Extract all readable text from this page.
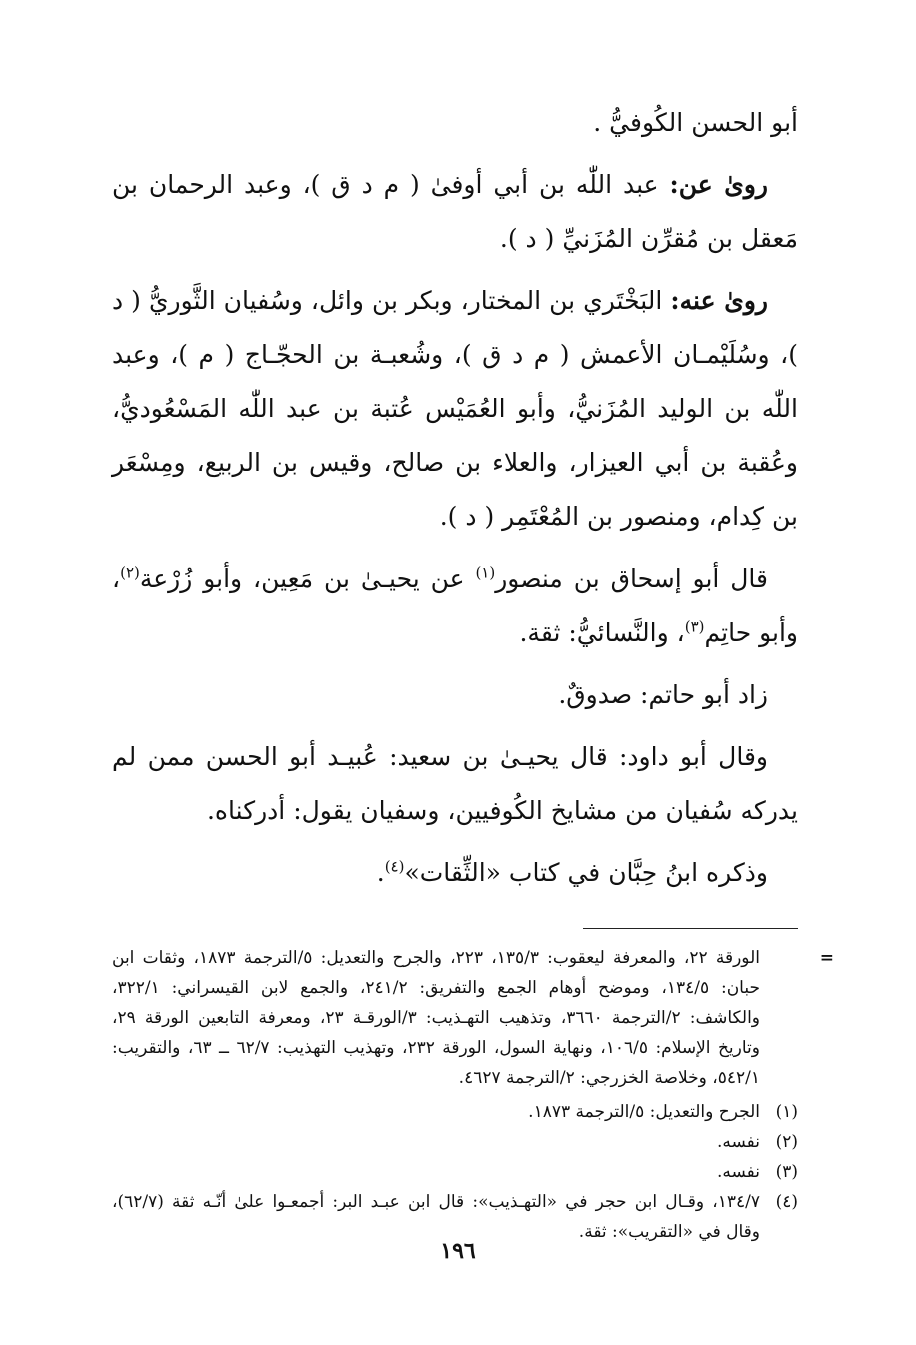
أبو الحسن الكُوفيُّ .

روىٰ عن: عبد اللّٰه بن أبي أوفىٰ ( م د ق )، وعبد الرحمان بن مَعقل بن مُقرِّن المُزَنيِّ ( د ).

روىٰ عنه: البَخْتَري بن المختار، وبكر بن وائل، وسُفيان الثَّوريُّ ( د )، وسُلَيْمـان الأعمش ( م د ق )، وشُعبـة بن الحجّـاج ( م )، وعبد اللّٰه بن الوليد المُزَنيُّ، وأبو العُمَيْس عُتبة بن عبد اللّٰه المَسْعُوديُّ، وعُقبة بن أبي العيزار، والعلاء بن صالح، وقيس بن الربيع، ومِسْعَر بن كِدام، ومنصور بن المُعْتَمِر ( د ).

قال أبو إسحاق بن منصور$^{(١)}$ عن يحيـىٰ بن مَعِين، وأبو زُرْعة$^{(٢)}$، وأبو حاتِم$^{(٣)}$، والنَّسائيُّ: ثقة.

زاد أبو حاتم: صدوقٌ.

وقال أبو داود: قال يحيـىٰ بن سعيد: عُبيـد أبو الحسن ممن لم يدركه سُفيان من مشايخ الكُوفيين، وسفيان يقول: أدركناه.

وذكره ابنُ حِبَّان في كتاب «الثِّقات»$^{(٤)}$.

=
الورقة ٢٢، والمعرفة ليعقوب: ١٣٥/٣، ٢٢٣، والجرح والتعديل: ٥/الترجمة ١٨٧٣، وثقات ابن حبان: ١٣٤/٥، وموضح أوهام الجمع والتفريق: ٢٤١/٢، والجمع لابن القيسراني: ٣٢٢/١، والكاشف: ٢/الترجمة ٣٦٦٠، وتذهيب التهـذيب: ٣/الورقـة ٢٣، ومعرفة التابعين الورقة ٢٩، وتاريخ الإسلام: ١٠٦/٥، ونهاية السول، الورقة ٢٣٢، وتهذيب التهذيب: ٦٢/٧ ــ ٦٣، والتقريب: ٥٤٢/١، وخلاصة الخزرجي: ٢/الترجمة ٤٦٢٧.

(١)الجرح والتعديل: ٥/الترجمة ١٨٧٣.

(٢)نفسه.

(٣)نفسه.

(٤)١٣٤/٧، وقـال ابن حجر في «التهـذيب»: قال ابن عبـد البر: أجمعـوا علىٰ أنّـه ثقة (٦٢/٧)، وقال في «التقريب»: ثقة.

١٩٦
